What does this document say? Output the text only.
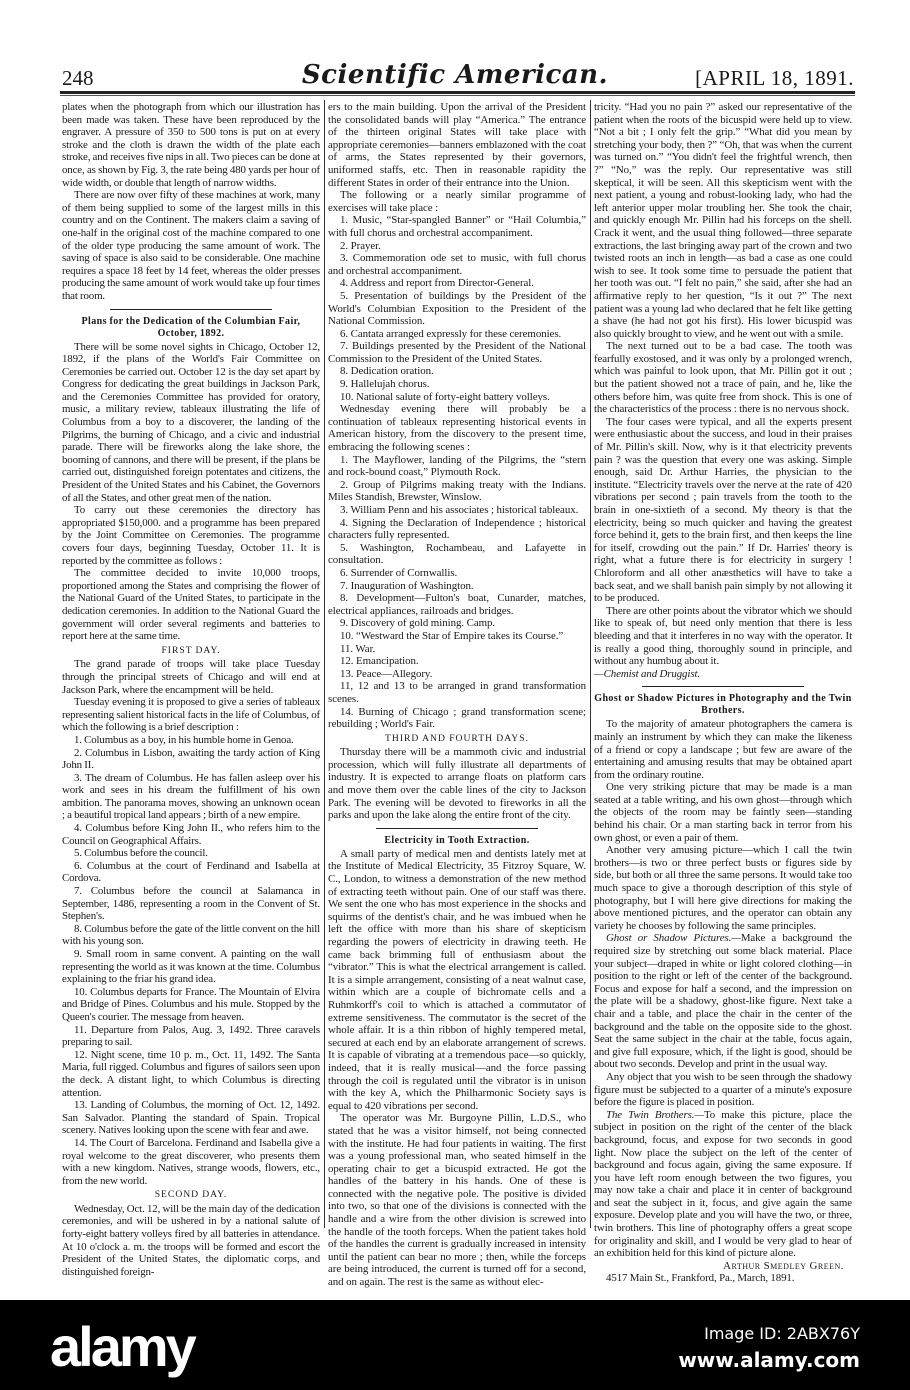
248	Scientific American.	[APRIL 18, 1891.

plates when the photograph from which our illustration has been made was taken. These have been reproduced by the engraver. A pressure of 350 to 500 tons is put on at every stroke and the cloth is drawn the width of the plate each stroke, and receives five nips in all. Two pieces can be done at once, as shown by Fig. 3, the rate being 480 yards per hour of wide width, or double that length of narrow widths.

There are now over fifty of these machines at work, many of them being supplied to some of the largest mills in this country and on the Continent. The makers claim a saving of one-half in the original cost of the machine compared to one of the older type producing the same amount of work. The saving of space is also said to be considerable. One machine requires a space 18 feet by 14 feet, whereas the older presses producing the same amount of work would take up four times that room.

Plans for the Dedication of the Columbian Fair, October, 1892.

There will be some novel sights in Chicago, October 12, 1892, if the plans of the World's Fair Committee on Ceremonies be carried out. October 12 is the day set apart by Congress for dedicating the great buildings in Jackson Park, and the Ceremonies Committee has provided for oratory, music, a military review, tableaux illustrating the life of Columbus from a boy to a discoverer, the landing of the Pilgrims, the burning of Chicago, and a civic and industrial parade. There will be fireworks along the lake shore, the booming of cannons, and there will be present, if the plans be carried out, distinguished foreign potentates and citizens, the President of the United States and his Cabinet, the Governors of all the States, and other great men of the nation.

To carry out these ceremonies the directory has appropriated $150,000. and a programme has been prepared by the Joint Committee on Ceremonies. The programme covers four days, beginning Tuesday, October 11. It is reported by the committee as follows :

The committee decided to invite 10,000 troops, proportioned among the States and comprising the flower of the National Guard of the United States, to participate in the dedication ceremonies. In addition to the National Guard the government will order several regiments and batteries to report here at the same time.

FIRST DAY.

The grand parade of troops will take place Tuesday through the principal streets of Chicago and will end at Jackson Park, where the encampment will be held.

Tuesday evening it is proposed to give a series of tableaux representing salient historical facts in the life of Columbus, of which the following is a brief description :

1. Columbus as a boy, in his humble home in Genoa.

2. Columbus in Lisbon, awaiting the tardy action of King John II.

3. The dream of Columbus. He has fallen asleep over his work and sees in his dream the fulfillment of his own ambition. The panorama moves, showing an unknown ocean ; a beautiful tropical land appears ; birth of a new empire.

4. Columbus before King John II., who refers him to the Council on Geographical Affairs.

5. Columbus before the council.

6. Columbus at the court of Ferdinand and Isabella at Cordova.

7. Columbus before the council at Salamanca in September, 1486, representing a room in the Convent of St. Stephen's.

8. Columbus before the gate of the little convent on the hill with his young son.

9. Small room in same convent. A painting on the wall representing the world as it was known at the time. Columbus explaining to the friar his grand idea.

10. Columbus departs for France. The Mountain of Elvira and Bridge of Pines. Columbus and his mule. Stopped by the Queen's courier. The message from heaven.

11. Departure from Palos, Aug. 3, 1492. Three caravels preparing to sail.

12. Night scene, time 10 p. m., Oct. 11, 1492. The Santa Maria, full rigged. Columbus and figures of sailors seen upon the deck. A distant light, to which Columbus is directing attention.

13. Landing of Columbus, the morning of Oct. 12, 1492. San Salvador. Planting the standard of Spain. Tropical scenery. Natives looking upon the scene with fear and awe.

14. The Court of Barcelona. Ferdinand and Isabella give a royal welcome to the great discoverer, who presents them with a new kingdom. Natives, strange woods, flowers, etc., from the new world.

SECOND DAY.

Wednesday, Oct. 12, will be the main day of the dedication ceremonies, and will be ushered in by a national salute of forty-eight battery volleys fired by all batteries in attendance. At 10 o'clock a. m. the troops will be formed and escort the President of the United States, the diplomatic corps, and distinguished foreign-

ers to the main building. Upon the arrival of the President the consolidated bands will play “America.” The entrance of the thirteen original States will take place with appropriate ceremonies—banners emblazoned with the coat of arms, the States represented by their governors, uniformed staffs, etc. Then in reasonable rapidity the different States in order of their entrance into the Union.

The following or a nearly similar programme of exercises will take place :

1. Music, “Star-spangled Banner” or “Hail Columbia,” with full chorus and orchestral accompaniment.

2. Prayer.

3. Commemoration ode set to music, with full chorus and orchestral accompaniment.

4. Address and report from Director-General.

5. Presentation of buildings by the President of the World's Columbian Exposition to the President of the National Commission.

6. Cantata arranged expressly for these ceremonies.

7. Buildings presented by the President of the National Commission to the President of the United States.

8. Dedication oration.

9. Hallelujah chorus.

10. National salute of forty-eight battery volleys.

Wednesday evening there will probably be a continuation of tableaux representing historical events in American history, from the discovery to the present time, embracing the following scenes :

1. The Mayflower, landing of the Pilgrims, the “stern and rock-bound coast,” Plymouth Rock.

2. Group of Pilgrims making treaty with the Indians. Miles Standish, Brewster, Winslow.

3. William Penn and his associates ; historical tableaux.

4. Signing the Declaration of Independence ; historical characters fully represented.

5. Washington, Rochambeau, and Lafayette in consultation.

6. Surrender of Cornwallis.

7. Inauguration of Washington.

8. Development—Fulton's boat, Cunarder, matches, electrical appliances, railroads and bridges.

9. Discovery of gold mining. Camp.

10. “Westward the Star of Empire takes its Course.”

11. War.

12. Emancipation.

13. Peace—Allegory.

11, 12 and 13 to be arranged in grand transformation scenes.

14. Burning of Chicago ; grand transformation scene; rebuilding ; World's Fair.

THIRD AND FOURTH DAYS.

Thursday there will be a mammoth civic and industrial procession, which will fully illustrate all departments of industry. It is expected to arrange floats on platform cars and move them over the cable lines of the city to Jackson Park. The evening will be devoted to fireworks in all the parks and upon the lake along the entire front of the city.

Electricity in Tooth Extraction.

A small party of medical men and dentists lately met at the Institute of Medical Electricity, 35 Fitzroy Square, W. C., London, to witness a demonstration of the new method of extracting teeth without pain. One of our staff was there. We sent the one who has most experience in the shocks and squirms of the dentist's chair, and he was imbued when he left the office with more than his share of skepticism regarding the powers of electricity in drawing teeth. He came back brimming full of enthusiasm about the “vibrator.” This is what the electrical arrangement is called. It is a simple arrangement, consisting of a neat walnut case, within which are a couple of bichromate cells and a Ruhmkorff's coil to which is attached a commutator of extreme sensitiveness. The commutator is the secret of the whole affair. It is a thin ribbon of highly tempered metal, secured at each end by an elaborate arrangement of screws. It is capable of vibrating at a tremendous pace—so quickly, indeed, that it is really musical—and the force passing through the coil is regulated until the vibrator is in unison with the key A, which the Philharmonic Society says is equal to 420 vibrations per second.

The operator was Mr. Burgoyne Pillin, L.D.S., who stated that he was a visitor himself, not being connected with the institute. He had four patients in waiting. The first was a young professional man, who seated himself in the operating chair to get a bicuspid extracted. He got the handles of the battery in his hands. One of these is connected with the negative pole. The positive is divided into two, so that one of the divisions is connected with the handle and a wire from the other division is screwed into the handle of the tooth forceps. When the patient takes hold of the handles the current is gradually increased in intensity until the patient can bear no more ; then, while the forceps are being introduced, the current is turned off for a second, and on again. The rest is the same as without elec-

tricity. “Had you no pain ?” asked our representative of the patient when the roots of the bicuspid were held up to view. “Not a bit ; I only felt the grip.” “What did you mean by stretching your body, then ?” “Oh, that was when the current was turned on.” “You didn't feel the frightful wrench, then ?” “No,” was the reply. Our representative was still skeptical, it will be seen. All this skepticism went with the next patient, a young and robust-looking lady, who had the left anterior upper molar troubling her. She took the chair, and quickly enough Mr. Pillin had his forceps on the shell. Crack it went, and the usual thing followed—three separate extractions, the last bringing away part of the crown and two twisted roots an inch in length—as bad a case as one could wish to see. It took some time to persuade the patient that her tooth was out. “I felt no pain,” she said, after she had an affirmative reply to her question, “Is it out ?” The next patient was a young lad who declared that he felt like getting a shave (he had not got his first). His lower bicuspid was also quickly brought to view, and he went out with a smile.

The next turned out to be a bad case. The tooth was fearfully exostosed, and it was only by a prolonged wrench, which was painful to look upon, that Mr. Pillin got it out ; but the patient showed not a trace of pain, and he, like the others before him, was quite free from shock. This is one of the characteristics of the process : there is no nervous shock.

The four cases were typical, and all the experts present were enthusiastic about the success, and loud in their praises of Mr. Pillin's skill. Now, why is it that electricity prevents pain ? was the question that every one was asking. Simple enough, said Dr. Arthur Harries, the physician to the institute. “Electricity travels over the nerve at the rate of 420 vibrations per second ; pain travels from the tooth to the brain in one-sixtieth of a second. My theory is that the electricity, being so much quicker and having the greatest force behind it, gets to the brain first, and then keeps the line for itself, crowding out the pain.” If Dr. Harries' theory is right, what a future there is for electricity in surgery ! Chloroform and all other anæsthetics will have to take a back seat, and we shall banish pain simply by not allowing it to be produced.

There are other points about the vibrator which we should like to speak of, but need only mention that there is less bleeding and that it interferes in no way with the operator. It is really a good thing, thoroughly sound in principle, and without any humbug about it.

—Chemist and Druggist.

Ghost or Shadow Pictures in Photography and the Twin Brothers.

To the majority of amateur photographers the camera is mainly an instrument by which they can make the likeness of a friend or copy a landscape ; but few are aware of the entertaining and amusing results that may be obtained apart from the ordinary routine.

One very striking picture that may be made is a man seated at a table writing, and his own ghost—through which the objects of the room may be faintly seen—standing behind his chair. Or a man starting back in terror from his own ghost, or even a pair of them.

Another very amusing picture—which I call the twin brothers—is two or three perfect busts or figures side by side, but both or all three the same persons. It would take too much space to give a thorough description of this style of photography, but I will here give directions for making the above mentioned pictures, and the operator can obtain any variety he chooses by following the same principles.

Ghost or Shadow Pictures.—Make a background the required size by stretching out some black material. Place your subject—draped in white or light colored clothing—in position to the right or left of the center of the background. Focus and expose for half a second, and the impression on the plate will be a shadowy, ghost-like figure. Next take a chair and a table, and place the chair in the center of the background and the table on the opposite side to the ghost. Seat the same subject in the chair at the table, focus again, and give full exposure, which, if the light is good, should be about two seconds. Develop and print in the usual way.

Any object that you wish to be seen through the shadowy figure must be subjected to a quarter of a minute's exposure before the figure is placed in position.

The Twin Brothers.—To make this picture, place the subject in position on the right of the center of the black background, focus, and expose for two seconds in good light. Now place the subject on the left of the center of background and focus again, giving the same exposure. If you have left room enough between the two figures, you may now take a chair and place it in center of background and seat the subject in it, focus, and give again the same exposure. Develop plate and you will have the two, or three, twin brothers. This line of photography offers a great scope for originality and skill, and I would be very glad to hear of an exhibition held for this kind of picture alone.

Arthur Smedley Green.

4517 Main St., Frankford, Pa., March, 1891.

alamy	Image ID: 2ABX76Y
www.alamy.com
